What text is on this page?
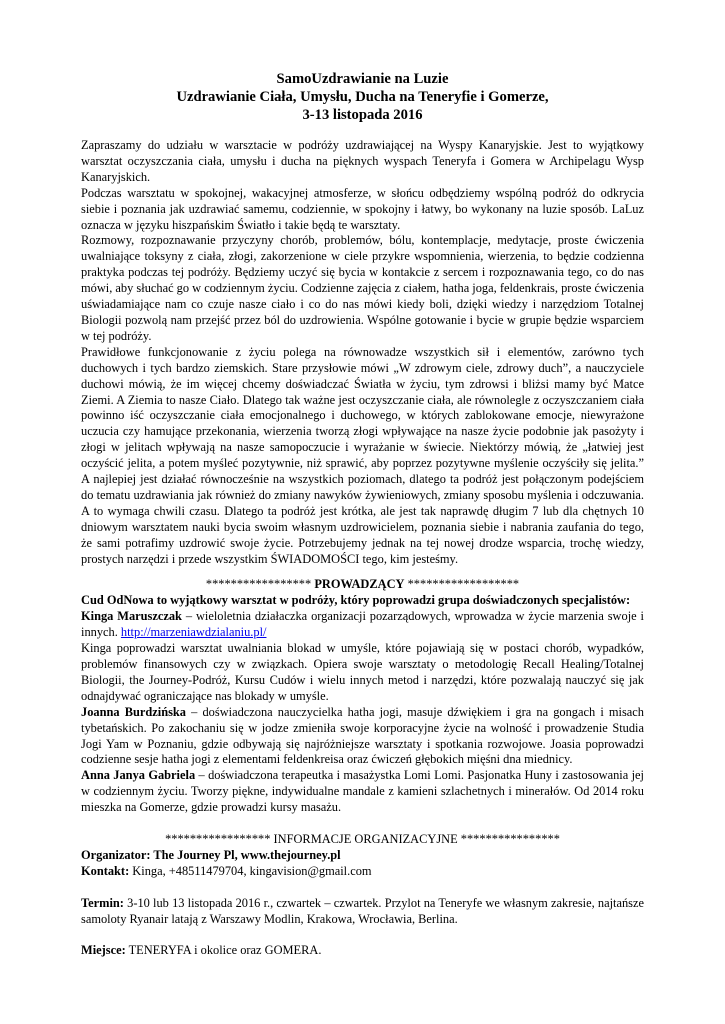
SamoUzdrawianie na Luzie

Uzdrawianie Ciała, Umysłu, Ducha na Teneryfie i Gomerze,

3-13 listopada 2016

Zapraszamy do udziału w warsztacie w podróży uzdrawiającej na Wyspy Kanaryjskie. Jest to wyjątkowy warsztat oczyszczania ciała, umysłu i ducha na pięknych wyspach Teneryfa i Gomera w Archipelagu Wysp Kanaryjskich.

Podczas warsztatu w spokojnej, wakacyjnej atmosferze, w słońcu odbędziemy wspólną podróż do odkrycia siebie i poznania jak uzdrawiać samemu, codziennie, w spokojny i łatwy, bo wykonany na luzie sposób. LaLuz oznacza w języku hiszpańskim Światło i takie będą te warsztaty.

Rozmowy, rozpoznawanie przyczyny chorób, problemów, bólu, kontemplacje, medytacje, proste ćwiczenia uwalniające toksyny z ciała, złogi, zakorzenione w ciele przykre wspomnienia, wierzenia, to będzie codzienna praktyka podczas tej podróży. Będziemy uczyć się bycia w kontakcie z sercem i rozpoznawania tego, co do nas mówi, aby słuchać go w codziennym życiu. Codzienne zajęcia z ciałem, hatha joga, feldenkrais, proste ćwiczenia uświadamiające nam co czuje nasze ciało i co do nas mówi kiedy boli, dzięki wiedzy i narzędziom Totalnej Biologii pozwolą nam przejść przez ból do uzdrowienia. Wspólne gotowanie i bycie w grupie będzie wsparciem w tej podróży.

Prawidłowe funkcjonowanie z życiu polega na równowadze wszystkich sił i elementów, zarówno tych duchowych i tych bardzo ziemskich. Stare przysłowie mówi „W zdrowym ciele, zdrowy duch”, a nauczyciele duchowi mówią, że im więcej chcemy doświadczać Światła w życiu, tym zdrowsi i bliżsi mamy być Matce Ziemi. A Ziemia to nasze Ciało. Dlatego tak ważne jest oczyszczanie ciała, ale równolegle z oczyszczaniem ciała powinno iść oczyszczanie ciała emocjonalnego i duchowego, w których zablokowane emocje, niewyrażone uczucia czy hamujące przekonania, wierzenia tworzą złogi wpływające na nasze życie podobnie jak pasożyty i złogi w jelitach wpływają na nasze samopoczucie i wyrażanie w świecie. Niektórzy mówią, że „łatwiej jest oczyścić jelita, a potem myśleć pozytywnie, niż sprawić, aby poprzez pozytywne myślenie oczyściły się jelita.” A najlepiej jest działać równocześnie na wszystkich poziomach, dlatego ta podróż jest połączonym podejściem do tematu uzdrawiania jak również do zmiany nawyków żywieniowych, zmiany sposobu myślenia i odczuwania. A to wymaga chwili czasu. Dlatego ta podróż jest krótka, ale jest tak naprawdę długim 7 lub dla chętnych 10 dniowym warsztatem nauki bycia swoim własnym uzdrowicielem, poznania siebie i nabrania zaufania do tego, że sami potrafimy uzdrowić swoje życie. Potrzebujemy jednak na tej nowej drodze wsparcia, trochę wiedzy, prostych narzędzi i przede wszystkim ŚWIADOMOŚCI tego, kim jesteśmy.

***************** PROWADZĄCY ******************

Cud OdNowa to wyjątkowy warsztat w podróży, który poprowadzi grupa doświadczonych specjalistów:

Kinga Maruszczak – wieloletnia działaczka organizacji pozarządowych, wprowadza w życie marzenia swoje i innych. http://marzeniawdzialaniu.pl/

Kinga poprowadzi warsztat uwalniania blokad w umyśle, które pojawiają się w postaci chorób, wypadków, problemów finansowych czy w związkach. Opiera swoje warsztaty o metodologię Recall Healing/Totalnej Biologii, the Journey-Podróż, Kursu Cudów i wielu innych metod i narzędzi, które pozwalają nauczyć się jak odnajdywać ograniczające nas blokady w umyśle.

Joanna Burdzińska – doświadczona nauczycielka hatha jogi, masuje dźwiękiem i gra na gongach i misach tybetańskich. Po zakochaniu się w jodze zmieniła swoje korporacyjne życie na wolność i prowadzenie Studia Jogi Yam w Poznaniu, gdzie odbywają się najróżniejsze warsztaty i spotkania rozwojowe. Joasia poprowadzi codzienne sesje hatha jogi z elementami feldenkreisa oraz ćwiczeń głębokich mięśni dna miednicy.

Anna Janya Gabriela – doświadczona terapeutka i masażystka Lomi Lomi. Pasjonatka Huny i zastosowania jej w codziennym życiu. Tworzy piękne, indywidualne mandale z kamieni szlachetnych i minerałów. Od 2014 roku mieszka na Gomerze, gdzie prowadzi kursy masażu.

***************** INFORMACJE ORGANIZACYJNE ****************

Organizator: The Journey Pl, www.thejourney.pl

Kontakt: Kinga, +48511479704, kingavision@gmail.com

Termin: 3-10 lub 13 listopada 2016 r., czwartek – czwartek. Przylot na Teneryfe we własnym zakresie, najtańsze samoloty Ryanair latają z Warszawy Modlin, Krakowa, Wrocławia, Berlina.

Miejsce: TENERYFA i okolice oraz GOMERA.
